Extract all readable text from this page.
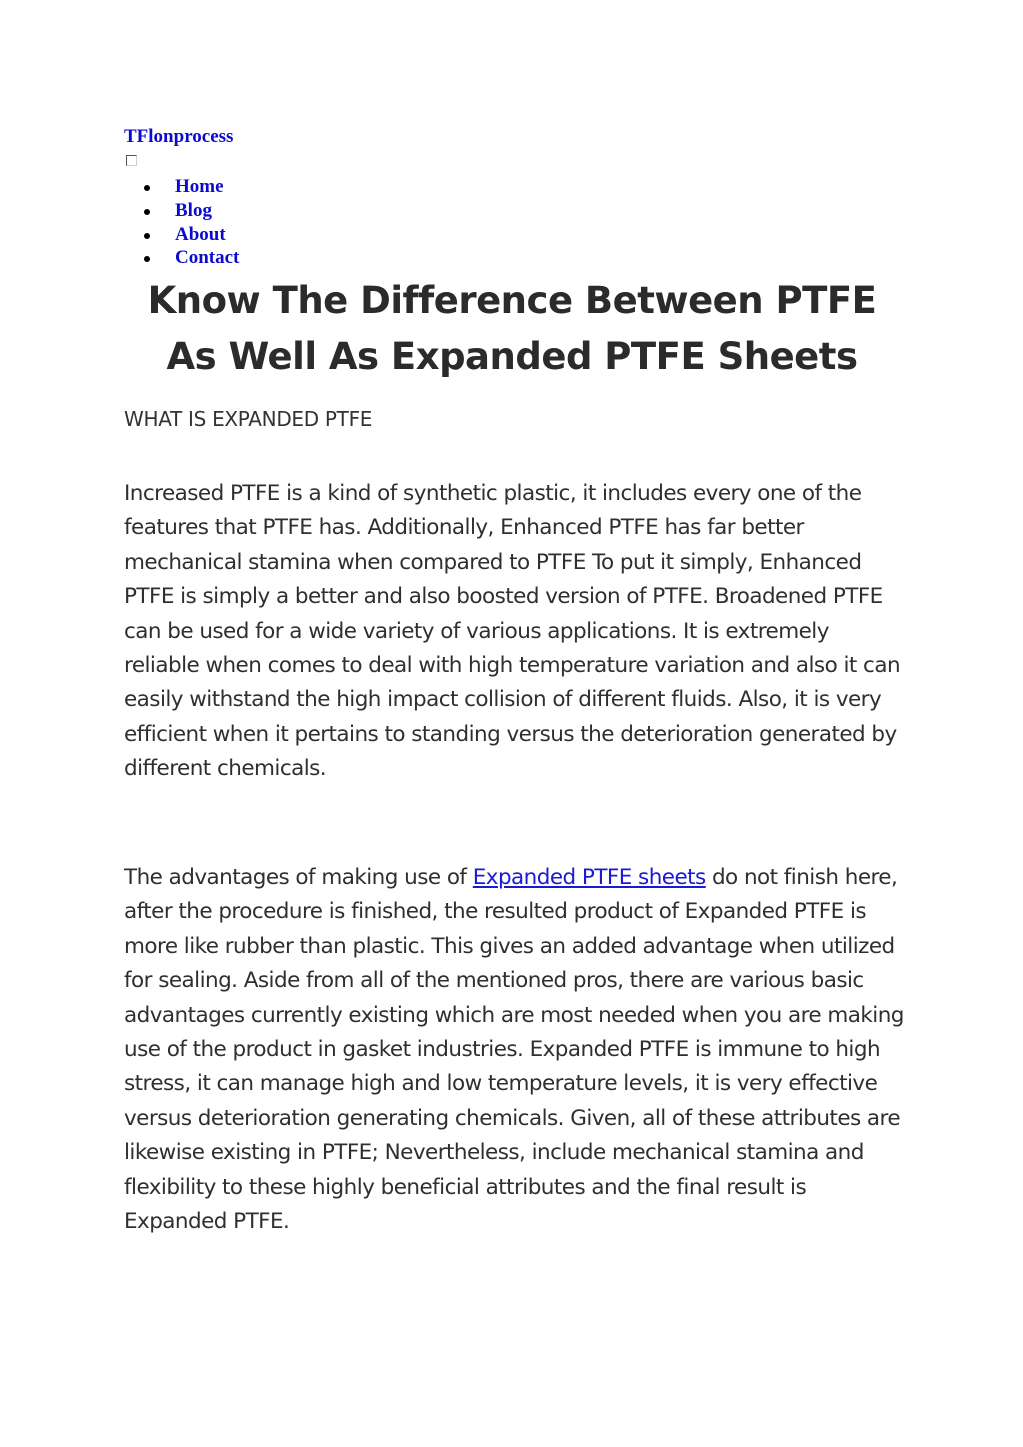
TFlonprocess
Home
Blog
About
Contact
Know The Difference Between PTFE As Well As Expanded PTFE Sheets

WHAT IS EXPANDED PTFE

Increased PTFE is a kind of synthetic plastic, it includes every one of the features that PTFE has. Additionally, Enhanced PTFE has far better mechanical stamina when compared to PTFE To put it simply, Enhanced PTFE is simply a better and also boosted version of PTFE. Broadened PTFE can be used for a wide variety of various applications. It is extremely reliable when comes to deal with high temperature variation and also it can easily withstand the high impact collision of different fluids. Also, it is very efficient when it pertains to standing versus the deterioration generated by different chemicals.

The advantages of making use of Expanded PTFE sheets do not finish here, after the procedure is finished, the resulted product of Expanded PTFE is more like rubber than plastic. This gives an added advantage when utilized for sealing. Aside from all of the mentioned pros, there are various basic advantages currently existing which are most needed when you are making use of the product in gasket industries. Expanded PTFE is immune to high stress, it can manage high and low temperature levels, it is very effective versus deterioration generating chemicals. Given, all of these attributes are likewise existing in PTFE; Nevertheless, include mechanical stamina and flexibility to these highly beneficial attributes and the final result is Expanded PTFE.
